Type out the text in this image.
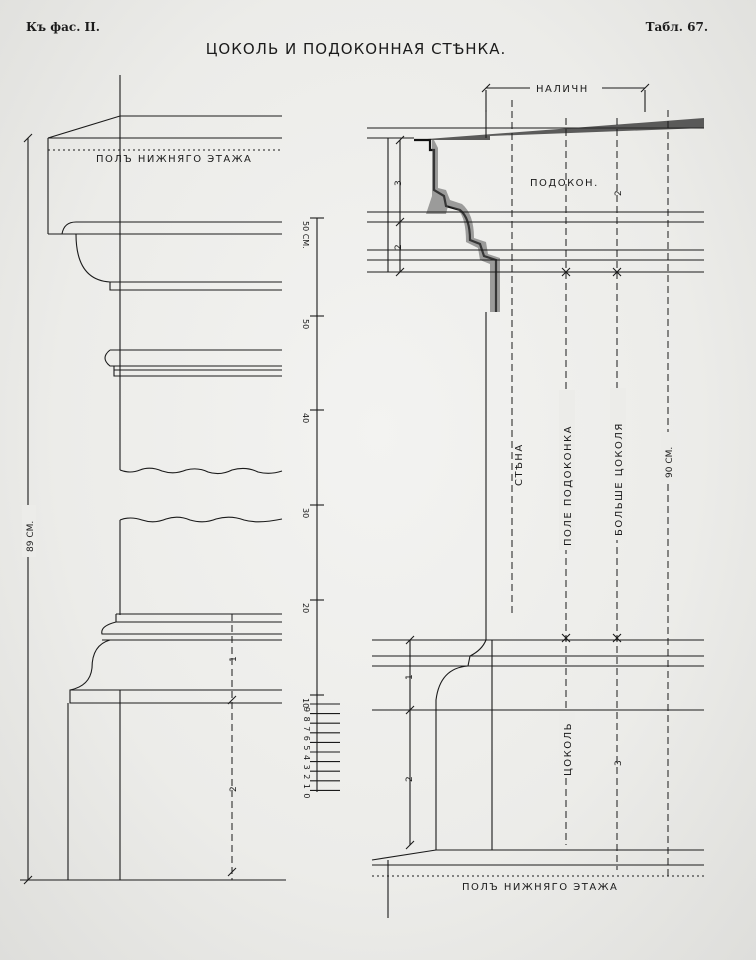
Къ фас. II.	Табл. 67.
ЦОКОЛЬ И ПОДОКОННАЯ СТѢНКА.
1
2
89 СМ.
ПОЛЪ НИЖНЯГО ЭТАЖА
50 СМ.
50
40
30
20
10
9
8
7
6
5
4
3
2
1
0
НАЛИЧН
3
2
ПОДОКОН.
2
ПОЛЕ ПОДОКОНКА	БОЛЬШЕ ЦОКОЛЯ	90 СМ.
СТѢНА
1
2
ЦОКОЛЬ	3
ПОЛЪ НИЖНЯГО ЭТАЖА
